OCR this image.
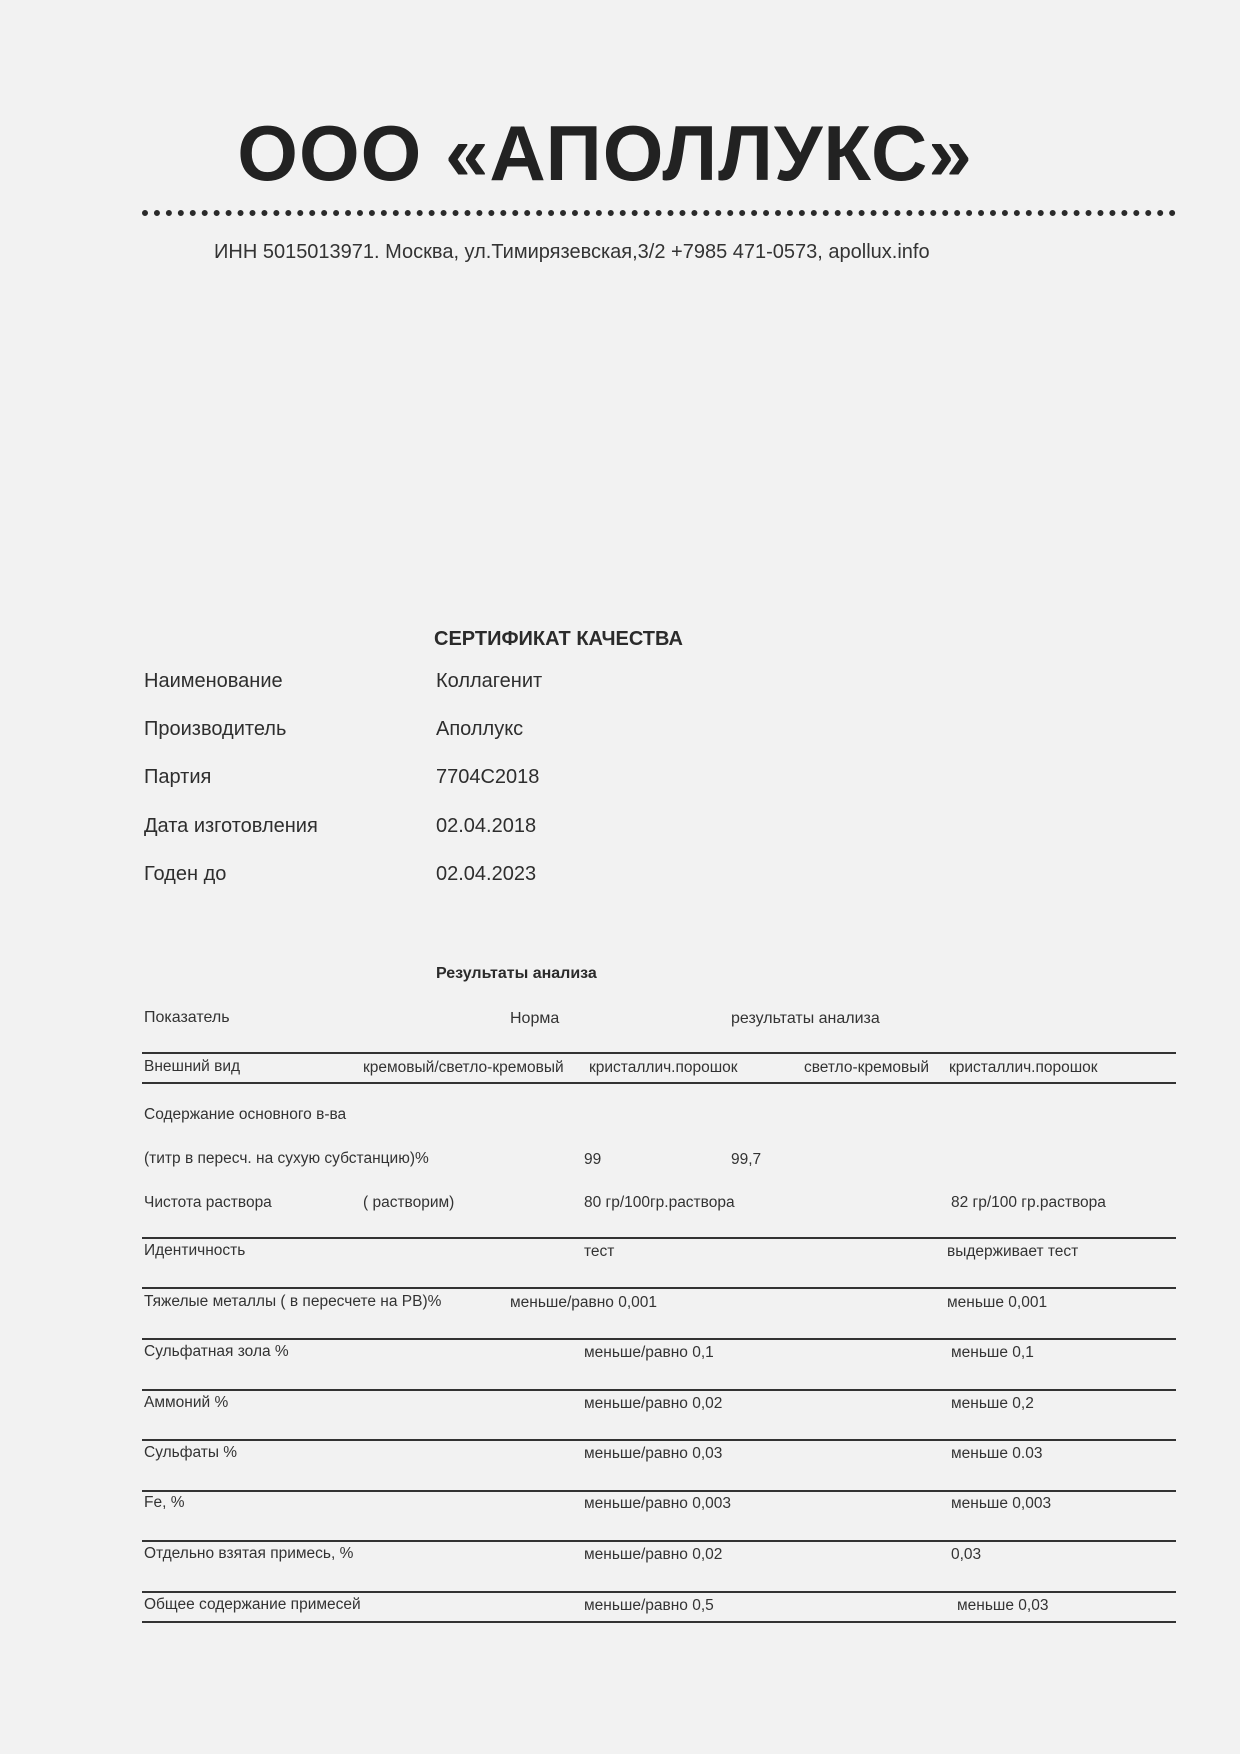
ООО «АПОЛЛУКС»
ИНН 5015013971. Москва, ул.Тимирязевская,3/2 +7985 471-0573, apollux.info
СЕРТИФИКАТ КАЧЕСТВА
Наименование	Коллагенит
Производитель	Аполлукс
Партия	7704C2018
Дата изготовления	02.04.2018
Годен до	02.04.2023
Результаты анализа
Показатель	Норма	результаты анализа
Внешний вид	кремовый/светло-кремовый кристаллич.порошок	светло-кремовый кристаллич.порошок
Содержание основного в-ва
(титр в пересч. на сухую субстанцию)%	99	99,7
Чистота раствора	( растворим)	80 гр/100гр.раствора	82 гр/100 гр.раствора
Идентичность	тест	выдерживает тест
Тяжелые металлы ( в пересчете на РВ)%	меньше/равно 0,001	меньше 0,001
Сульфатная зола %	меньше/равно 0,1	меньше 0,1
Аммоний %	меньше/равно 0,02	меньше 0,2
Сульфаты %	меньше/равно 0,03	меньше 0.03
Fe, %	меньше/равно 0,003	меньше 0,003
Отдельно взятая примесь, %	меньше/равно 0,02	0,03
Общее содержание примесей	меньше/равно 0,5	меньше 0,03
